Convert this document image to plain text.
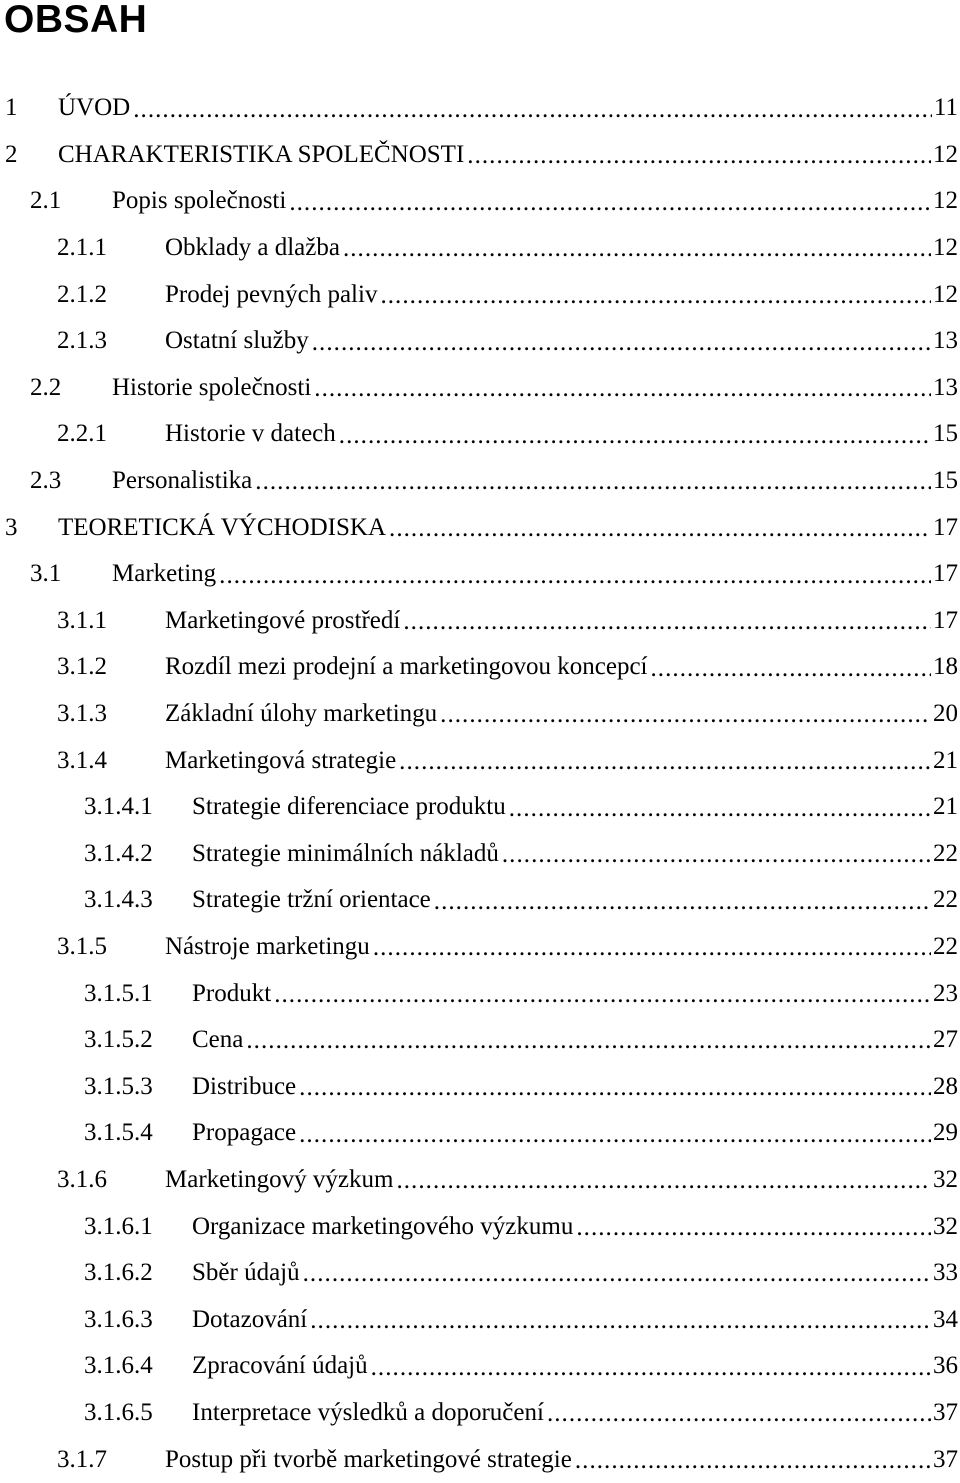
OBSAH
1	ÚVOD . . .	11
2	CHARAKTERISTIKA SPOLEČNOSTI . . .	12
2.1	Popis společnosti . . .	12
2.1.1	Obklady a dlažba . . .	12
2.1.2	Prodej pevných paliv . . .	12
2.1.3	Ostatní služby . . .	13
2.2	Historie společnosti . . .	13
2.2.1	Historie v datech . . .	15
2.3	Personalistika . . .	15
3	TEORETICKÁ VÝCHODISKA . . .	17
3.1	Marketing . . .	17
3.1.1	Marketingové prostředí . . .	17
3.1.2	Rozdíl mezi prodejní a marketingovou koncepcí . . .	18
3.1.3	Základní úlohy marketingu . . .	20
3.1.4	Marketingová strategie . . .	21
3.1.4.1	Strategie diferenciace produktu . . .	21
3.1.4.2	Strategie minimálních nákladů . . .	22
3.1.4.3	Strategie tržní orientace . . .	22
3.1.5	Nástroje marketingu . . .	22
3.1.5.1	Produkt . . .	23
3.1.5.2	Cena . . .	27
3.1.5.3	Distribuce . . .	28
3.1.5.4	Propagace . . .	29
3.1.6	Marketingový výzkum . . .	32
3.1.6.1	Organizace marketingového výzkumu . . .	32
3.1.6.2	Sběr údajů . . .	33
3.1.6.3	Dotazování . . .	34
3.1.6.4	Zpracování údajů . . .	36
3.1.6.5	Interpretace výsledků a doporučení . . .	37
3.1.7	Postup při tvorbě marketingové strategie . . .	37
